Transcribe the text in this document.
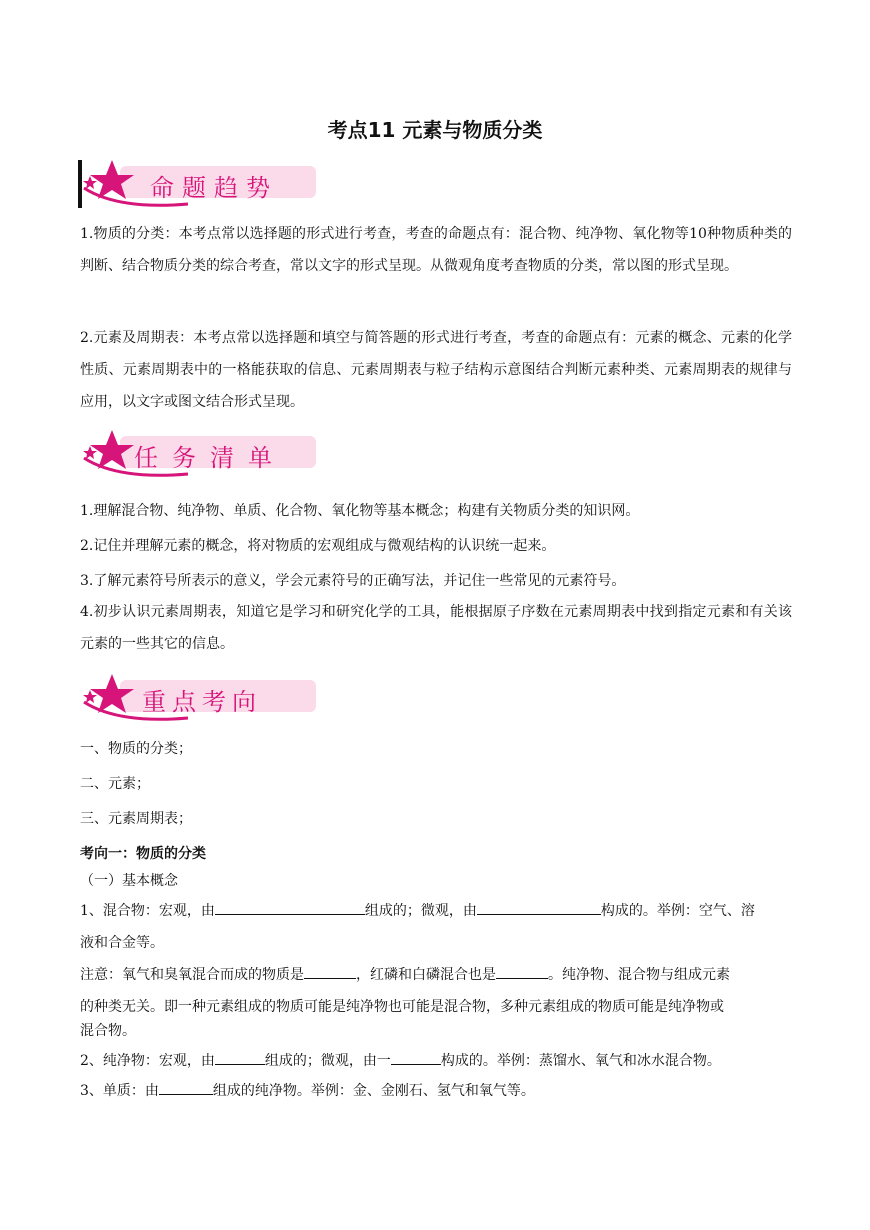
考点11 元素与物质分类
命题趋势
1.物质的分类：本考点常以选择题的形式进行考查，考查的命题点有：混合物、纯净物、氧化物等10种物质种类的判断、结合物质分类的综合考查，常以文字的形式呈现。从微观角度考查物质的分类，常以图的形式呈现。
2.元素及周期表：本考点常以选择题和填空与简答题的形式进行考查，考查的命题点有：元素的概念、元素的化学性质、元素周期表中的一格能获取的信息、元素周期表与粒子结构示意图结合判断元素种类、元素周期表的规律与应用，以文字或图文结合形式呈现。
任务清单
1.理解混合物、纯净物、单质、化合物、氧化物等基本概念；构建有关物质分类的知识网。
2.记住并理解元素的概念，将对物质的宏观组成与微观结构的认识统一起来。
3.了解元素符号所表示的意义，学会元素符号的正确写法，并记住一些常见的元素符号。
4.初步认识元素周期表，知道它是学习和研究化学的工具，能根据原子序数在元素周期表中找到指定元素和有关该元素的一些其它的信息。
重点考向
一、物质的分类；
二、元素；
三、元素周期表；
考向一：物质的分类
（一）基本概念
1、混合物：宏观，由	组成的；微观，由	构成的。举例：空气、溶
液和合金等。
注意：氧气和臭氧混合而成的物质是	，红磷和白磷混合也是	。纯净物、混合物与组成元素
的种类无关。即一种元素组成的物质可能是纯净物也可能是混合物，多种元素组成的物质可能是纯净物或
混合物。
2、纯净物：宏观，由	组成的；微观，由一	构成的。举例：蒸馏水、氧气和冰水混合物。
3、单质：由	组成的纯净物。举例：金、金刚石、氢气和氧气等。
